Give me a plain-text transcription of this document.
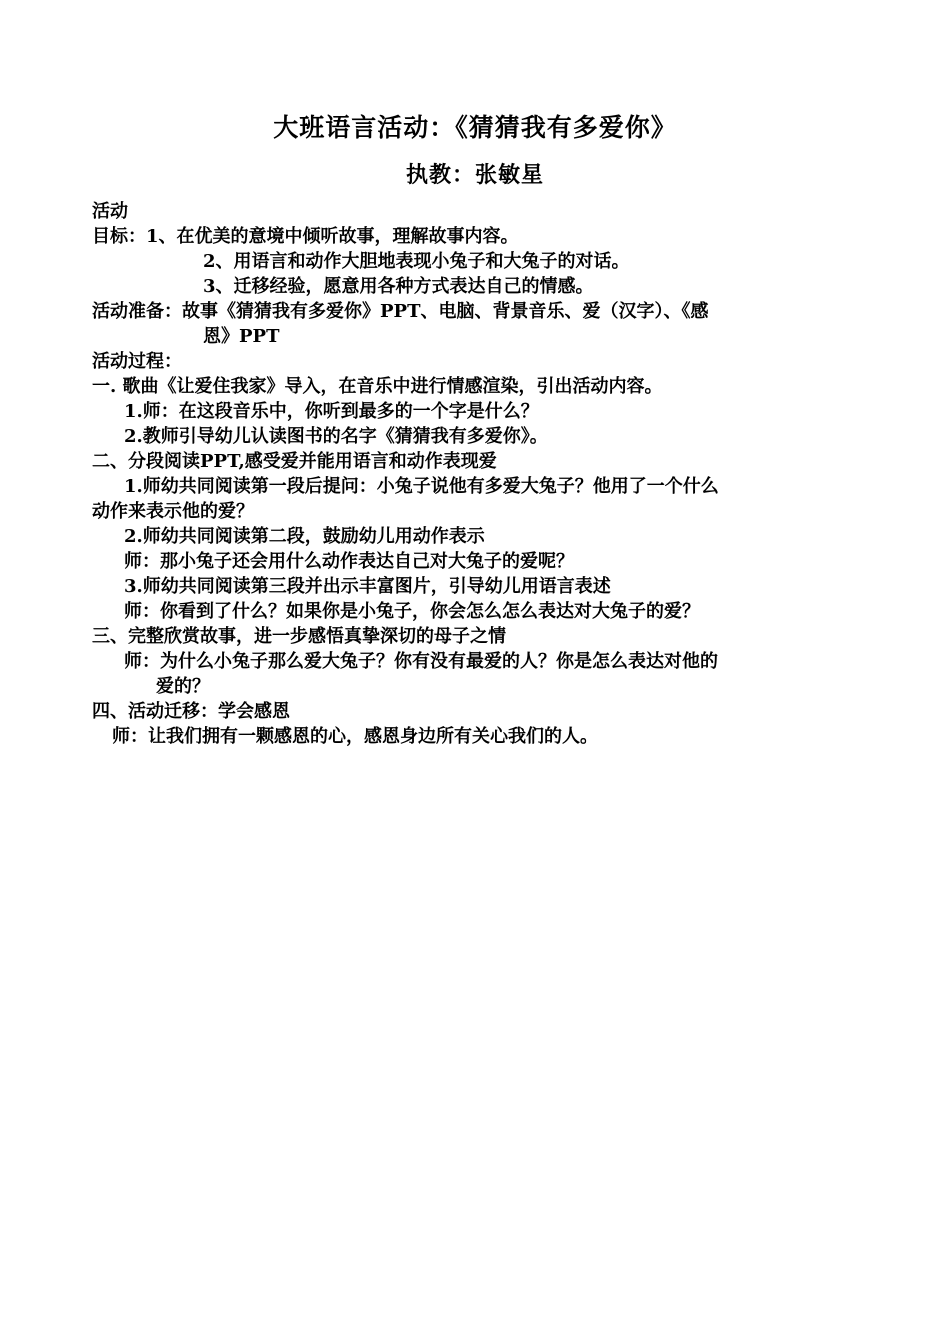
大班语言活动：《猜猜我有多爱你》
执教：张敏星
活动
目标：1、在优美的意境中倾听故事，理解故事内容。
2、用语言和动作大胆地表现小兔子和大兔子的对话。
3、迁移经验，愿意用各种方式表达自己的情感。
活动准备：故事《猜猜我有多爱你》PPT、电脑、背景音乐、爱（汉字）、《感
恩》PPT
活动过程：
一. 歌曲《让爱住我家》导入，在音乐中进行情感渲染，引出活动内容。
1.师：在这段音乐中，你听到最多的一个字是什么？
2.教师引导幼儿认读图书的名字《猜猜我有多爱你》。
二、分段阅读PPT,感受爱并能用语言和动作表现爱
1.师幼共同阅读第一段后提问：小兔子说他有多爱大兔子？他用了一个什么
动作来表示他的爱？
2.师幼共同阅读第二段，鼓励幼儿用动作表示
师：那小兔子还会用什么动作表达自己对大兔子的爱呢？
3.师幼共同阅读第三段并出示丰富图片，引导幼儿用语言表述
师：你看到了什么？如果你是小兔子，你会怎么怎么表达对大兔子的爱？
三、完整欣赏故事，进一步感悟真挚深切的母子之情
师：为什么小兔子那么爱大兔子？你有没有最爱的人？你是怎么表达对他的
爱的？
四、活动迁移：学会感恩
师：让我们拥有一颗感恩的心，感恩身边所有关心我们的人。
